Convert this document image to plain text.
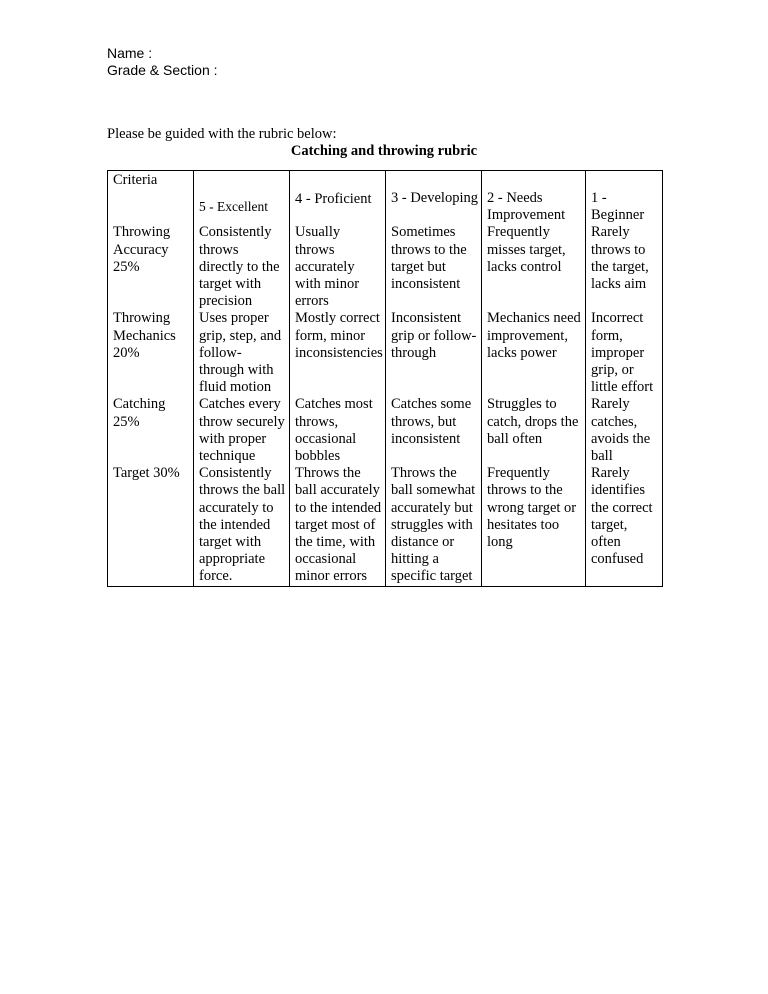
Name :
Grade & Section :
Please be guided with the rubric below:
Catching and throwing rubric
Criteria	5 - Excellent	4 - Proficient	3 - Developing	2 - Needs Improvement	1 - Beginner
Throwing Accuracy 25%	Consistently throws directly to the target with precision	Usually throws accurately with minor errors	Sometimes throws to the target but inconsistent	Frequently misses target, lacks control	Rarely throws to the target, lacks aim
Throwing Mechanics 20%	Uses proper grip, step, and follow-through with fluid motion	Mostly correct form, minor inconsistencies	Inconsistent grip or follow-through	Mechanics need improvement, lacks power	Incorrect form, improper grip, or little effort
Catching 25%	Catches every throw securely with proper technique	Catches most throws, occasional bobbles	Catches some throws, but inconsistent	Struggles to catch, drops the ball often	Rarely catches, avoids the ball
Target 30%	Consistently throws the ball accurately to the intended target with appropriate force.	Throws the ball accurately to the intended target most of the time, with occasional minor errors	Throws the ball somewhat accurately but struggles with distance or hitting a specific target	Frequently throws to the wrong target or hesitates too long	Rarely identifies the correct target, often confused
